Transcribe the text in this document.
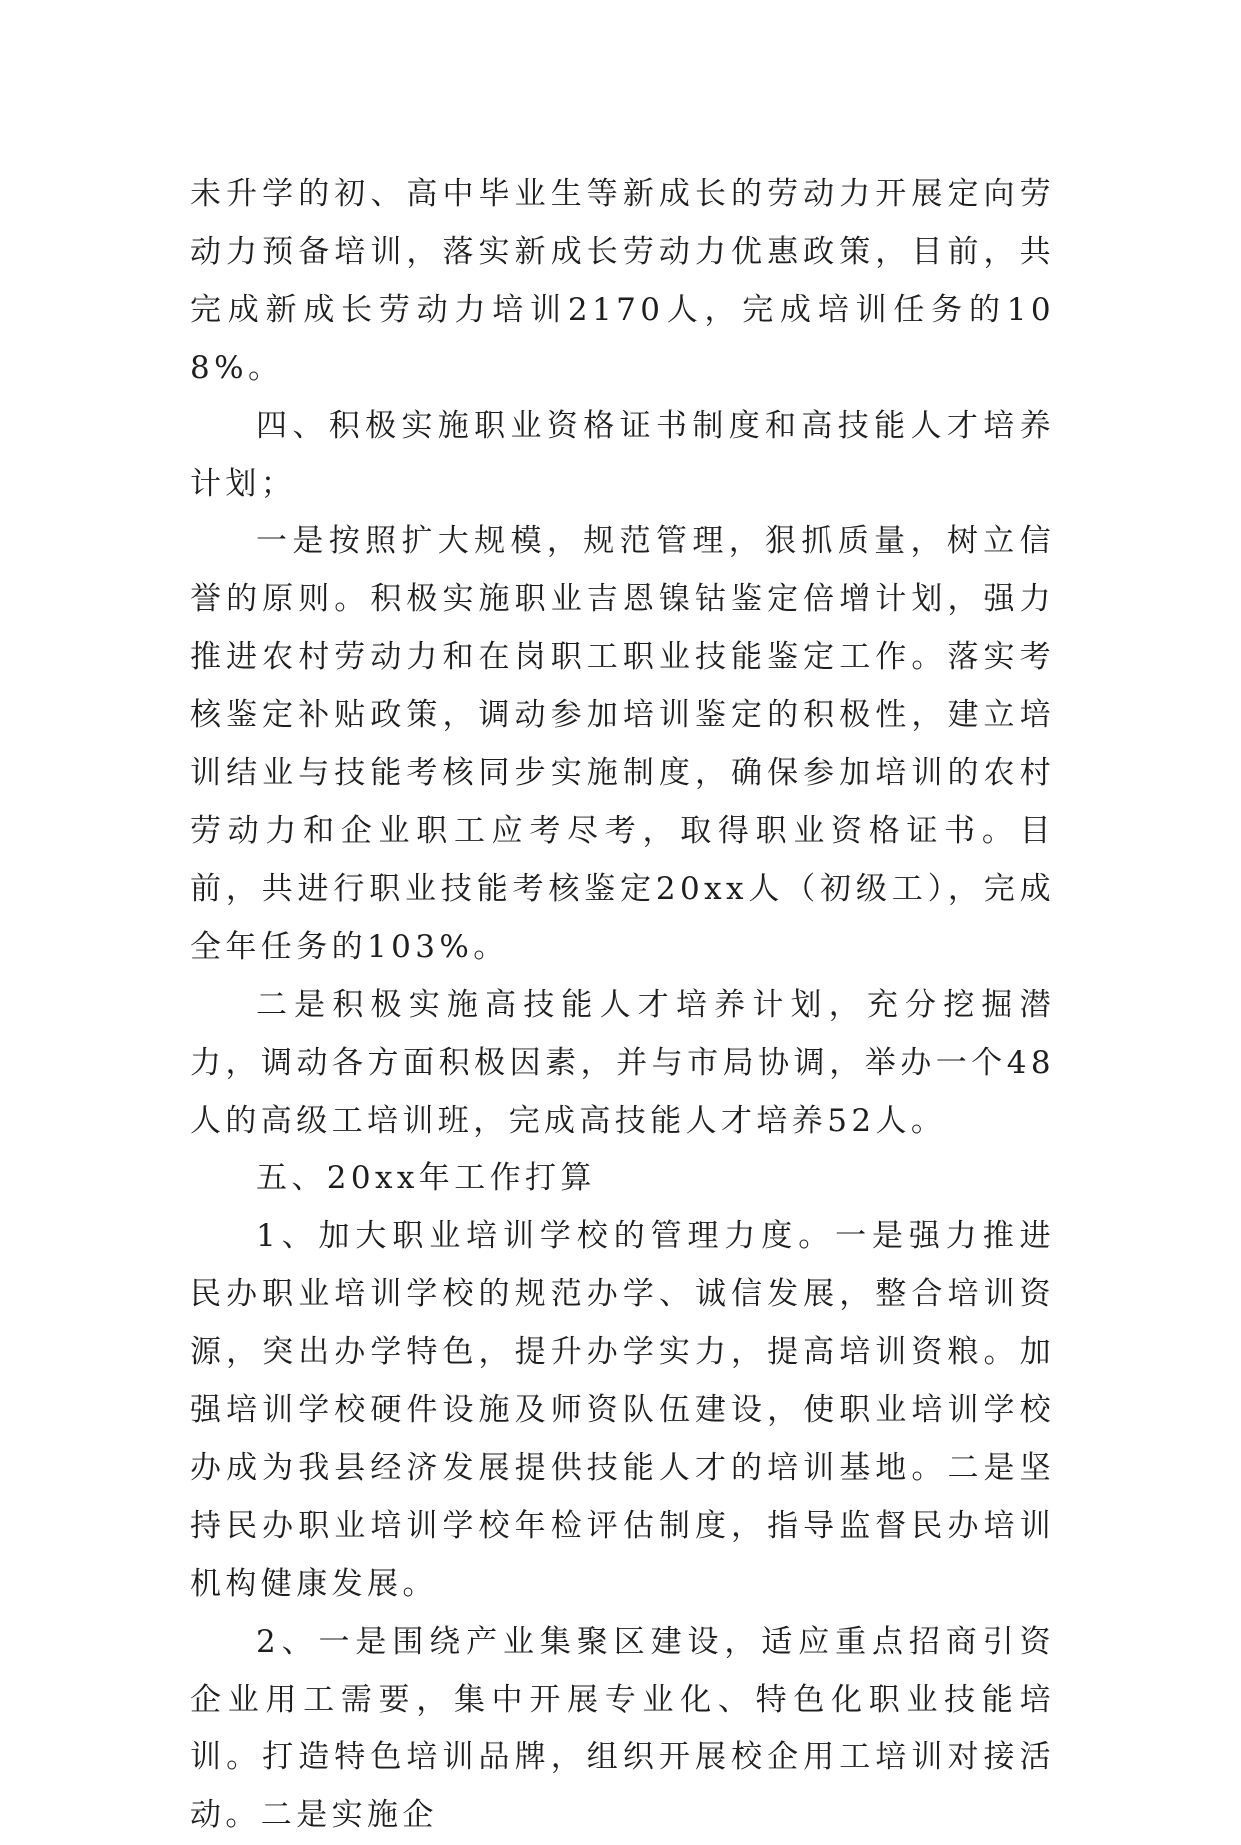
未升学的初、高中毕业生等新成长的劳动力开展定向劳动力预备培训，落实新成长劳动力优惠政策，目前，共完成新成长劳动力培训2170人，完成培训任务的108%。

四、积极实施职业资格证书制度和高技能人才培养计划；

一是按照扩大规模，规范管理，狠抓质量，树立信誉的原则。积极实施职业吉恩镍钴鉴定倍增计划，强力推进农村劳动力和在岗职工职业技能鉴定工作。落实考核鉴定补贴政策，调动参加培训鉴定的积极性，建立培训结业与技能考核同步实施制度，确保参加培训的农村劳动力和企业职工应考尽考，取得职业资格证书。目前，共进行职业技能考核鉴定20xx人（初级工），完成全年任务的103%。

二是积极实施高技能人才培养计划，充分挖掘潜力，调动各方面积极因素，并与市局协调，举办一个48人的高级工培训班，完成高技能人才培养52人。

五、20xx年工作打算

1、加大职业培训学校的管理力度。一是强力推进民办职业培训学校的规范办学、诚信发展，整合培训资源，突出办学特色，提升办学实力，提高培训资粮。加强培训学校硬件设施及师资队伍建设，使职业培训学校办成为我县经济发展提供技能人才的培训基地。二是坚持民办职业培训学校年检评估制度，指导监督民办培训机构健康发展。

2、一是围绕产业集聚区建设，适应重点招商引资企业用工需要，集中开展专业化、特色化职业技能培训。打造特色培训品牌，组织开展校企用工培训对接活动。二是实施企
